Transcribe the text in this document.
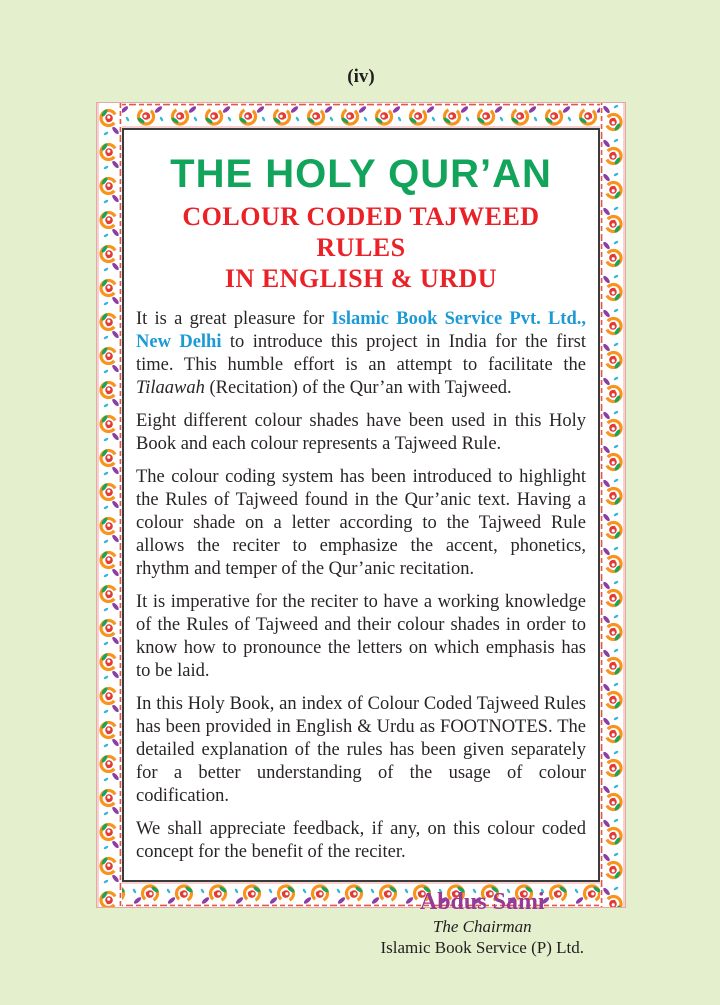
(iv)
THE HOLY QUR’AN
COLOUR CODED TAJWEED RULES
IN ENGLISH & URDU

It is a great pleasure for Islamic Book Service Pvt. Ltd., New Delhi to introduce this project in India for the first time. This humble effort is an attempt to facilitate the Tilaawah (Recitation) of the Qur’an with Tajweed.

Eight different colour shades have been used in this Holy Book and each colour represents a Tajweed Rule.

The colour coding system has been introduced to highlight the Rules of Tajweed found in the Qur’anic text. Having a colour shade on a letter according to the Tajweed Rule allows the reciter to emphasize the accent, phonetics, rhythm and temper of the Qur’anic recitation.

It is imperative for the reciter to have a working knowledge of the Rules of Tajweed and their colour shades in order to know how to pronounce the letters on which emphasis has to be laid.

In this Holy Book, an index of Colour Coded Tajweed Rules has been provided in English & Urdu as FOOTNOTES. The detailed explanation of the rules has been given separately for a better understanding of the usage of colour codification.

We shall appreciate feedback, if any, on this colour coded concept for the benefit of the reciter.

Abdus Sami
The Chairman
Islamic Book Service (P) Ltd.
